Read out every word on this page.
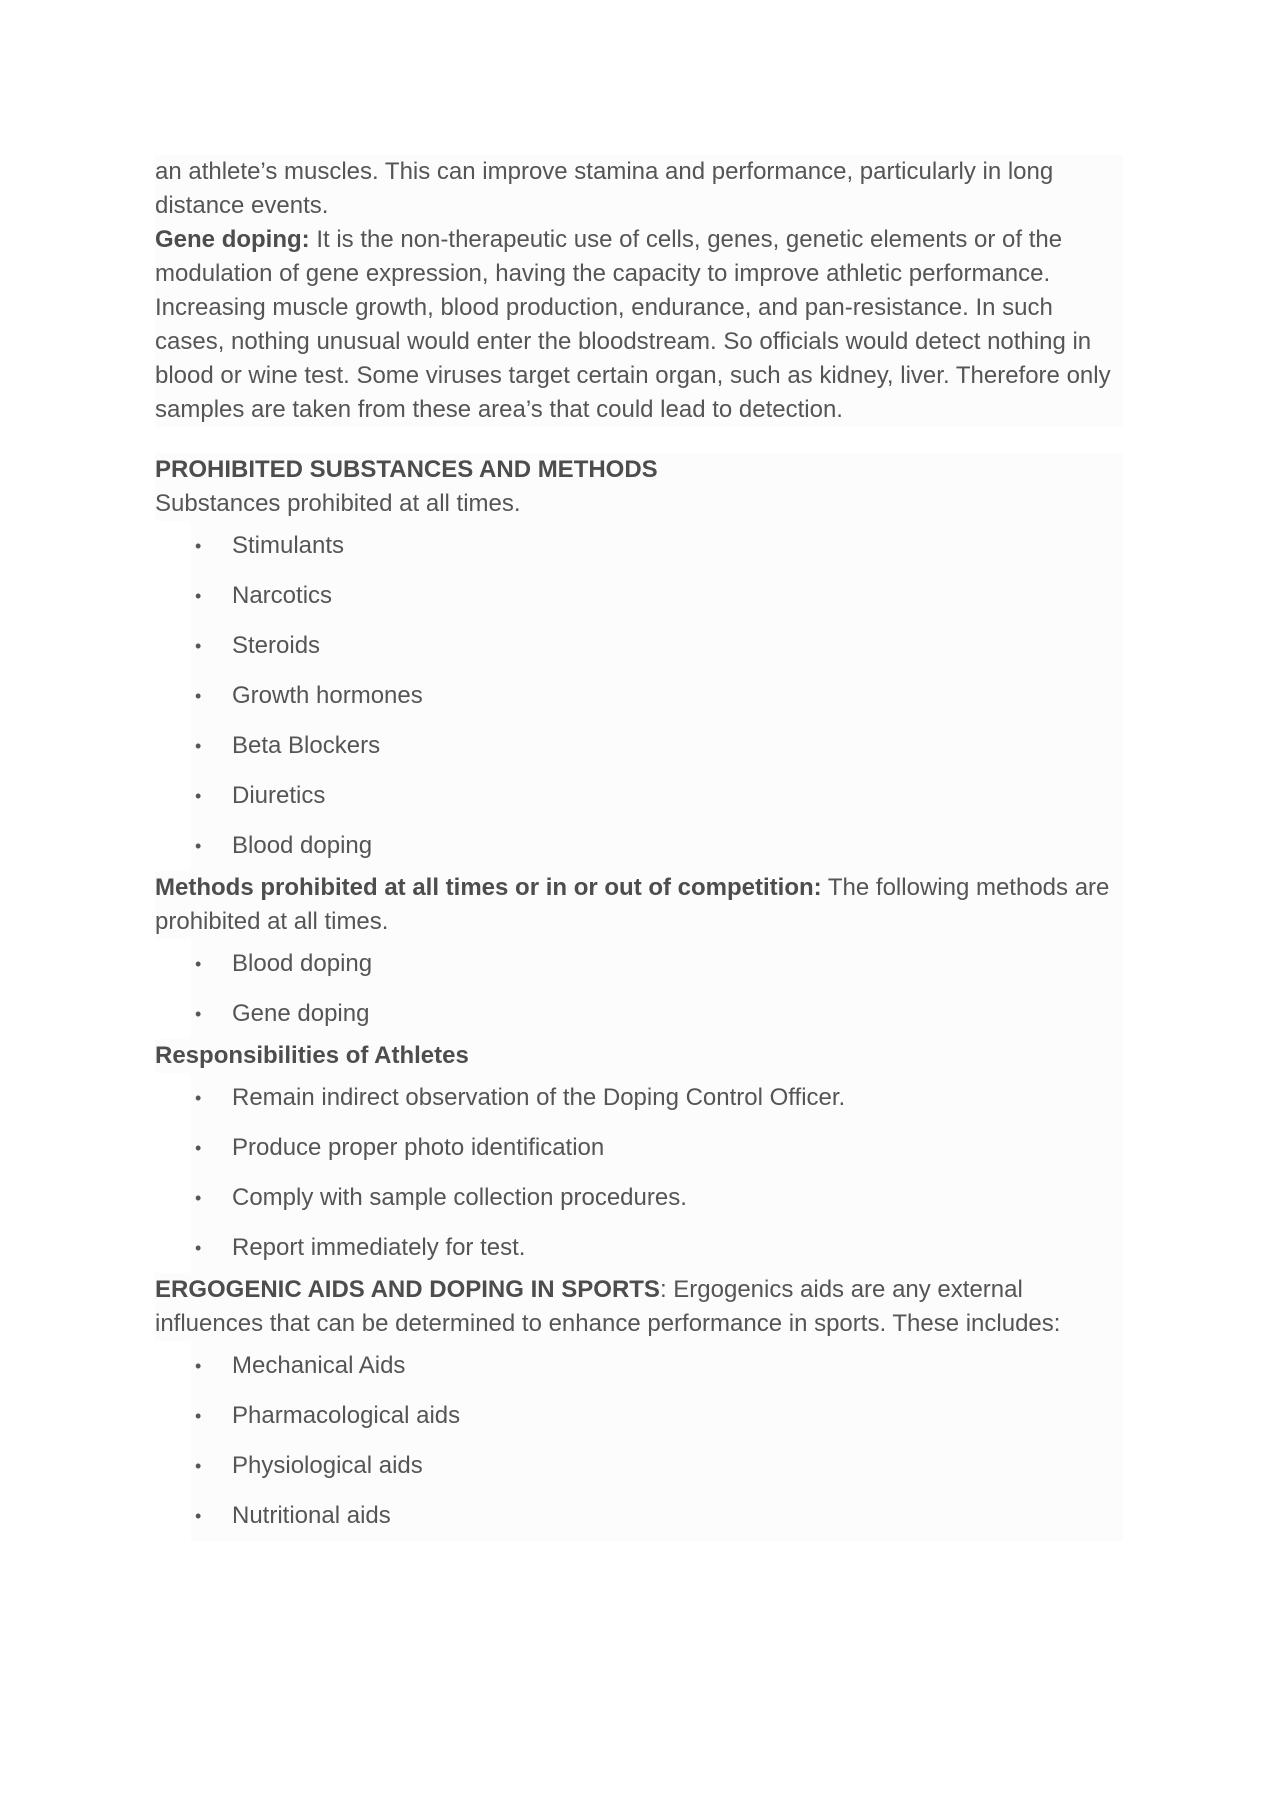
an athlete’s muscles. This can improve stamina and performance, particularly in long distance events.

Gene doping: It is the non-therapeutic use of cells, genes, genetic elements or of the modulation of gene expression, having the capacity to improve athletic performance. Increasing muscle growth, blood production, endurance, and pan-resistance. In such cases, nothing unusual would enter the bloodstream. So officials would detect nothing in blood or wine test. Some viruses target certain organ, such as kidney, liver. Therefore only samples are taken from these area’s that could lead to detection.

PROHIBITED SUBSTANCES AND METHODS

Substances prohibited at all times.

• Stimulants
• Narcotics
• Steroids
• Growth hormones
• Beta Blockers
• Diuretics
• Blood doping

Methods prohibited at all times or in or out of competition: The following methods are prohibited at all times.

• Blood doping
• Gene doping

Responsibilities of Athletes

• Remain indirect observation of the Doping Control Officer.
• Produce proper photo identification
• Comply with sample collection procedures.
• Report immediately for test.

ERGOGENIC AIDS AND DOPING IN SPORTS: Ergogenics aids are any external influences that can be determined to enhance performance in sports. These includes:

• Mechanical Aids
• Pharmacological aids
• Physiological aids
• Nutritional aids
